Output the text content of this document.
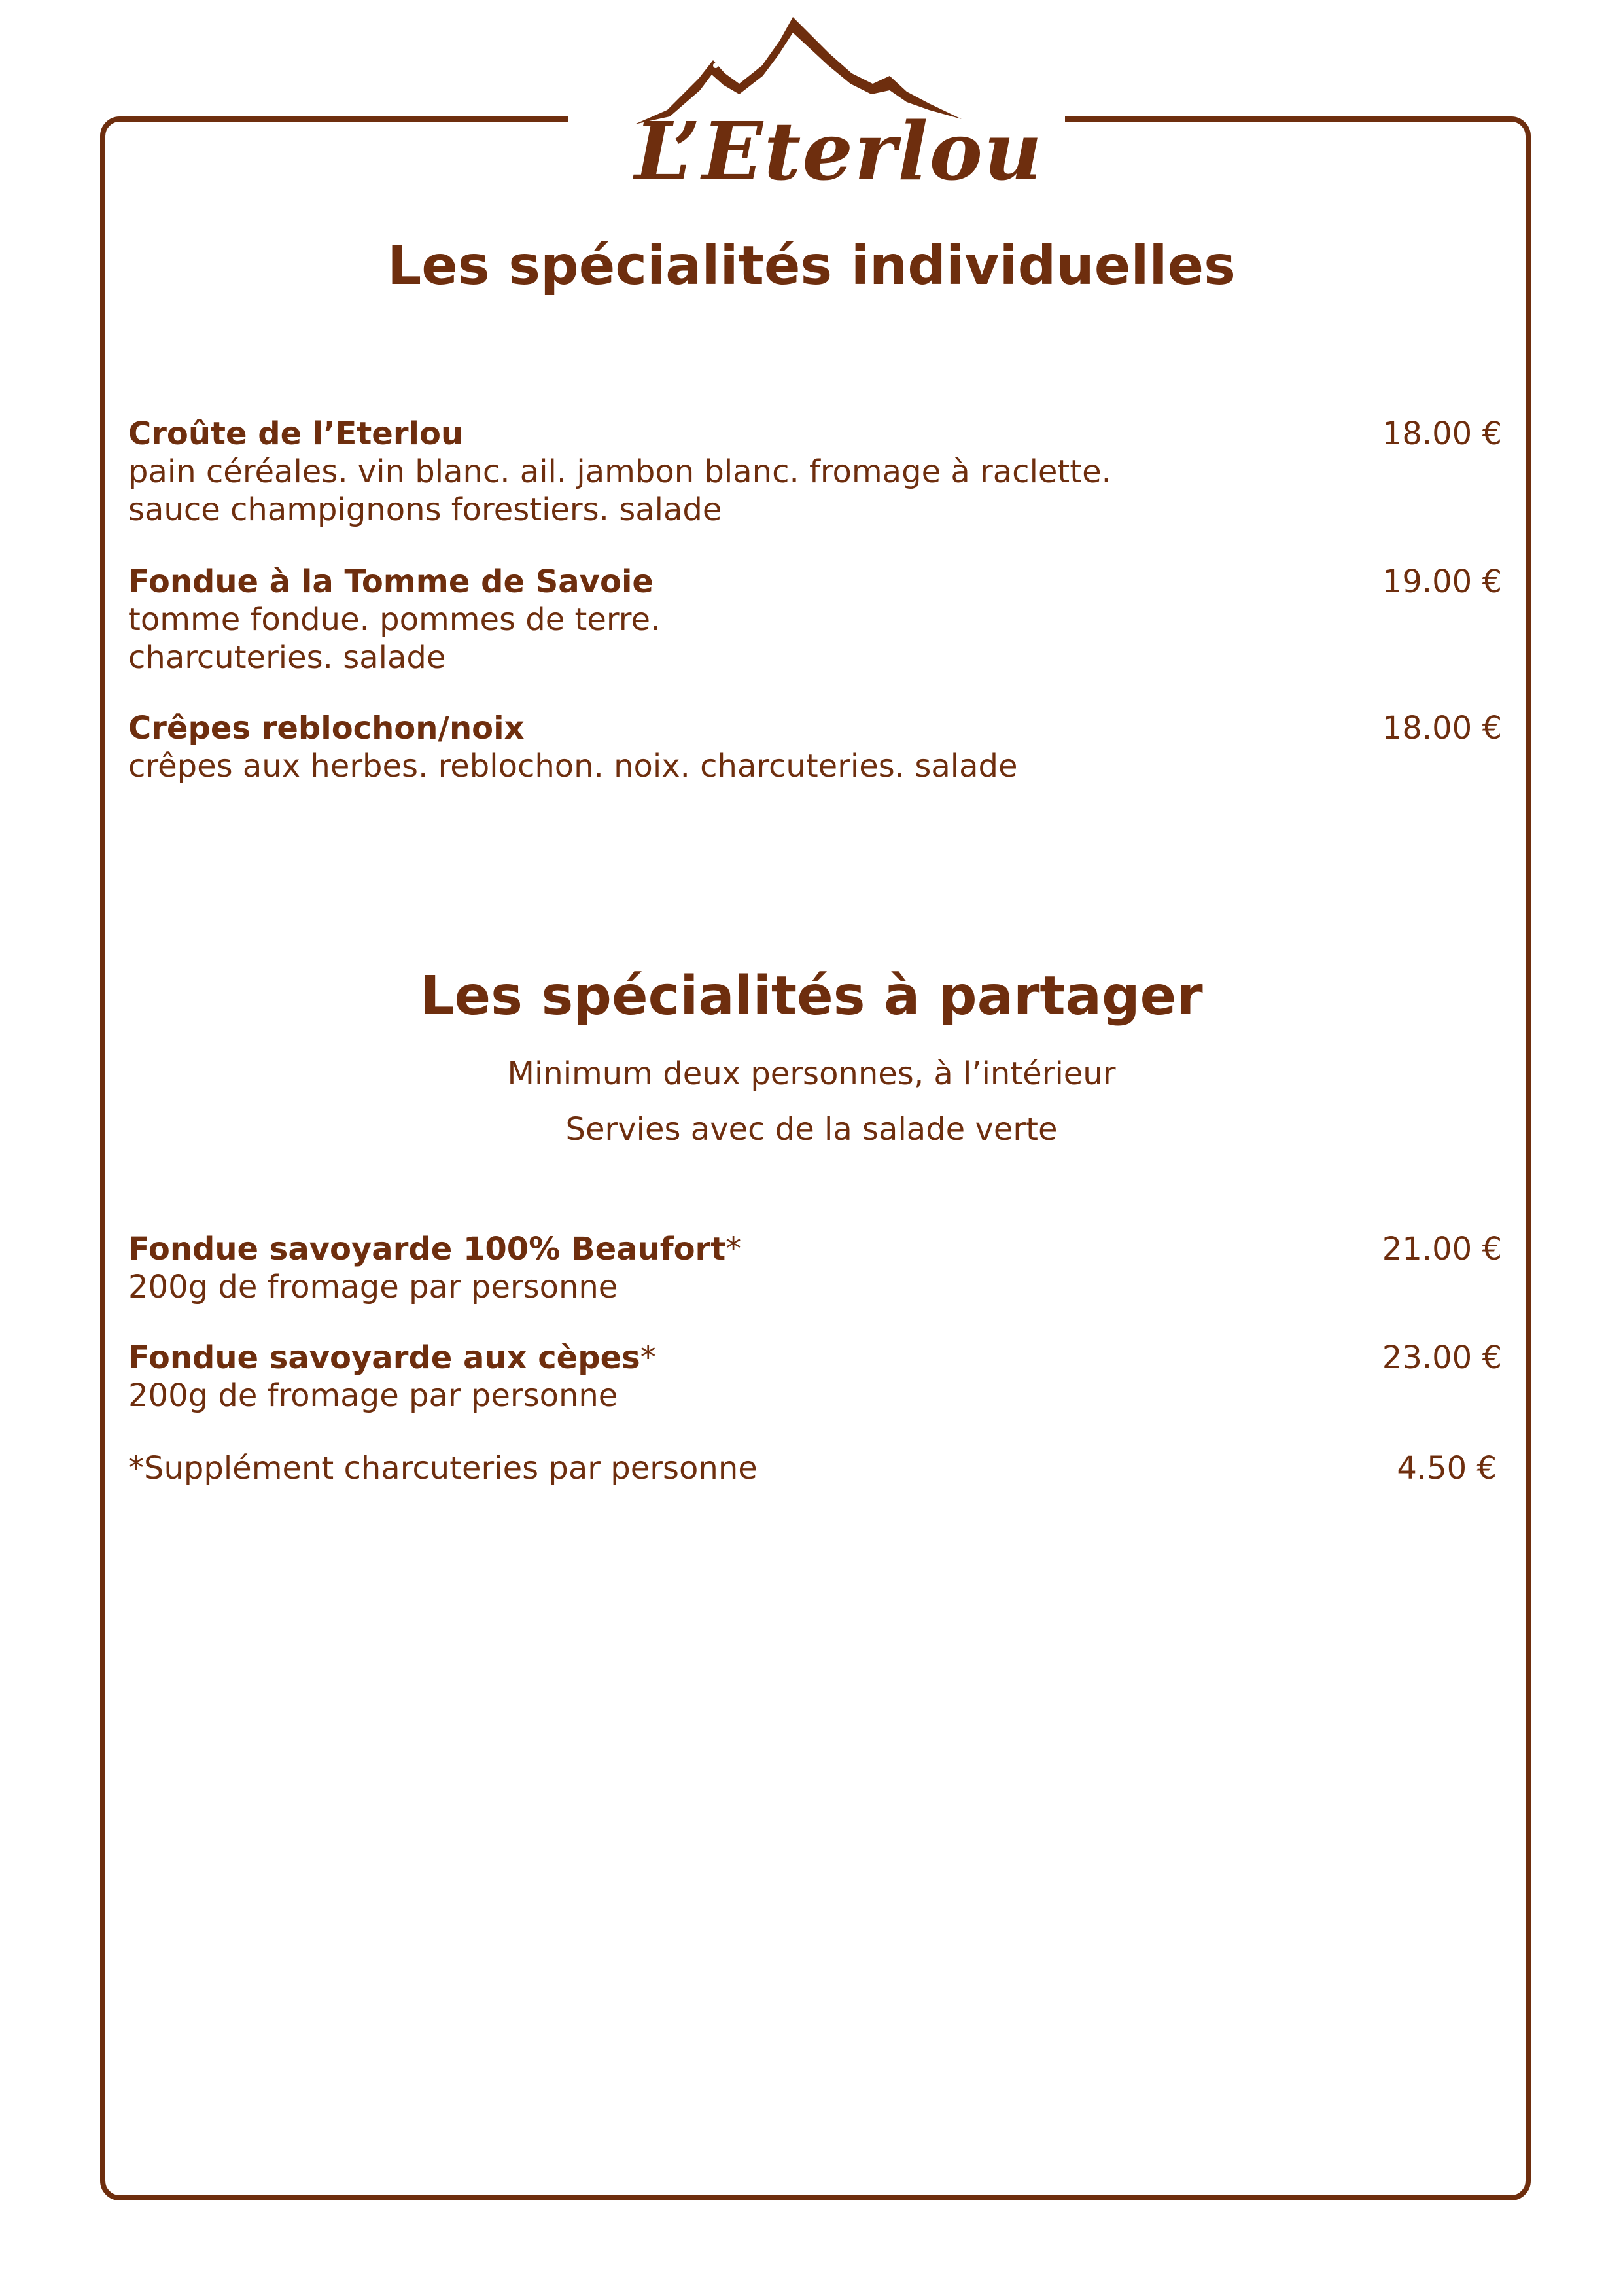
L’Eterlou
Les spécialités individuelles
Croûte de l’Eterlou
pain céréales. vin blanc. ail. jambon blanc. fromage à raclette.
sauce champignons forestiers. salade
18.00 €
Fondue à la Tomme de Savoie
tomme fondue. pommes de terre.
charcuteries. salade
19.00 €
Crêpes reblochon/noix
crêpes aux herbes. reblochon. noix. charcuteries. salade
18.00 €
Les spécialités à partager
Minimum deux personnes, à l’intérieur
Servies avec de la salade verte
Fondue savoyarde 100% Beaufort*
200g de fromage par personne
21.00 €
Fondue savoyarde aux cèpes*
200g de fromage par personne
23.00 €
*Supplément charcuteries par personne	4.50 €
